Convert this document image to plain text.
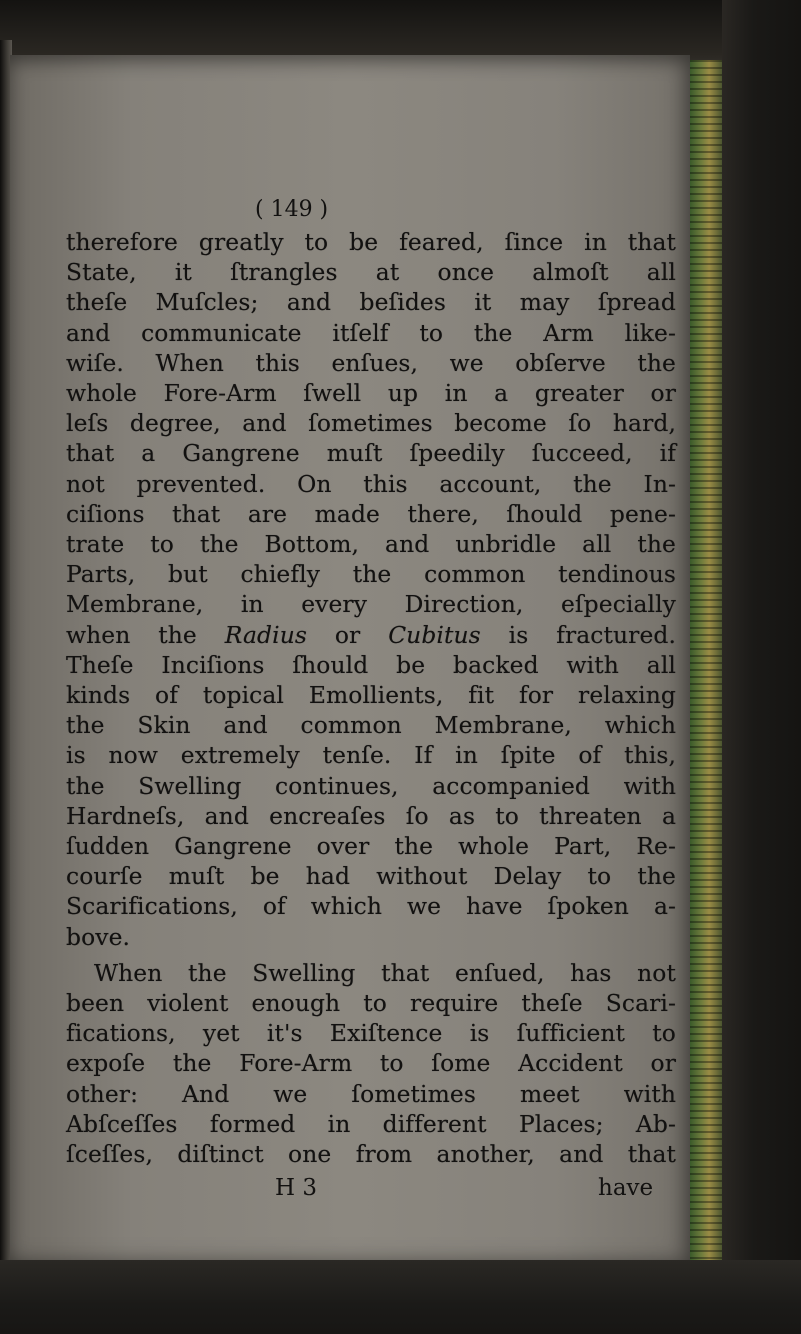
( 149 )
therefore greatly to be feared, ſince in that
State, it ſtrangles at once almoſt all
theſe Muſcles; and beſides it may ſpread
and communicate itſelf to the Arm like-
wiſe. When this enſues, we obſerve the
whole Fore-Arm ſwell up in a greater or
leſs degree, and ſometimes become ſo hard,
that a Gangrene muſt ſpeedily ſucceed, if
not prevented. On this account, the In-
ciſions that are made there, ſhould pene-
trate to the Bottom, and unbridle all the
Parts, but chiefly the common tendinous
Membrane, in every Direction, eſpecially
when the Radius or Cubitus is fractured.
Theſe Inciſions ſhould be backed with all
kinds of topical Emollients, fit for relaxing
the Skin and common Membrane, which
is now extremely tenſe. If in ſpite of this,
the Swelling continues, accompanied with
Hardneſs, and encreaſes ſo as to threaten a
ſudden Gangrene over the whole Part, Re-
courſe muſt be had without Delay to the
Scarifications, of which we have ſpoken a-
bove.
When the Swelling that enſued, has not
been violent enough to require theſe Scari-
fications, yet it's Exiſtence is ſufficient to
expoſe the Fore-Arm to ſome Accident or
other: And we ſometimes meet with
Abſceſſes formed in different Places; Ab-
ſceſſes, diſtinct one from another, and that
H 3	have
